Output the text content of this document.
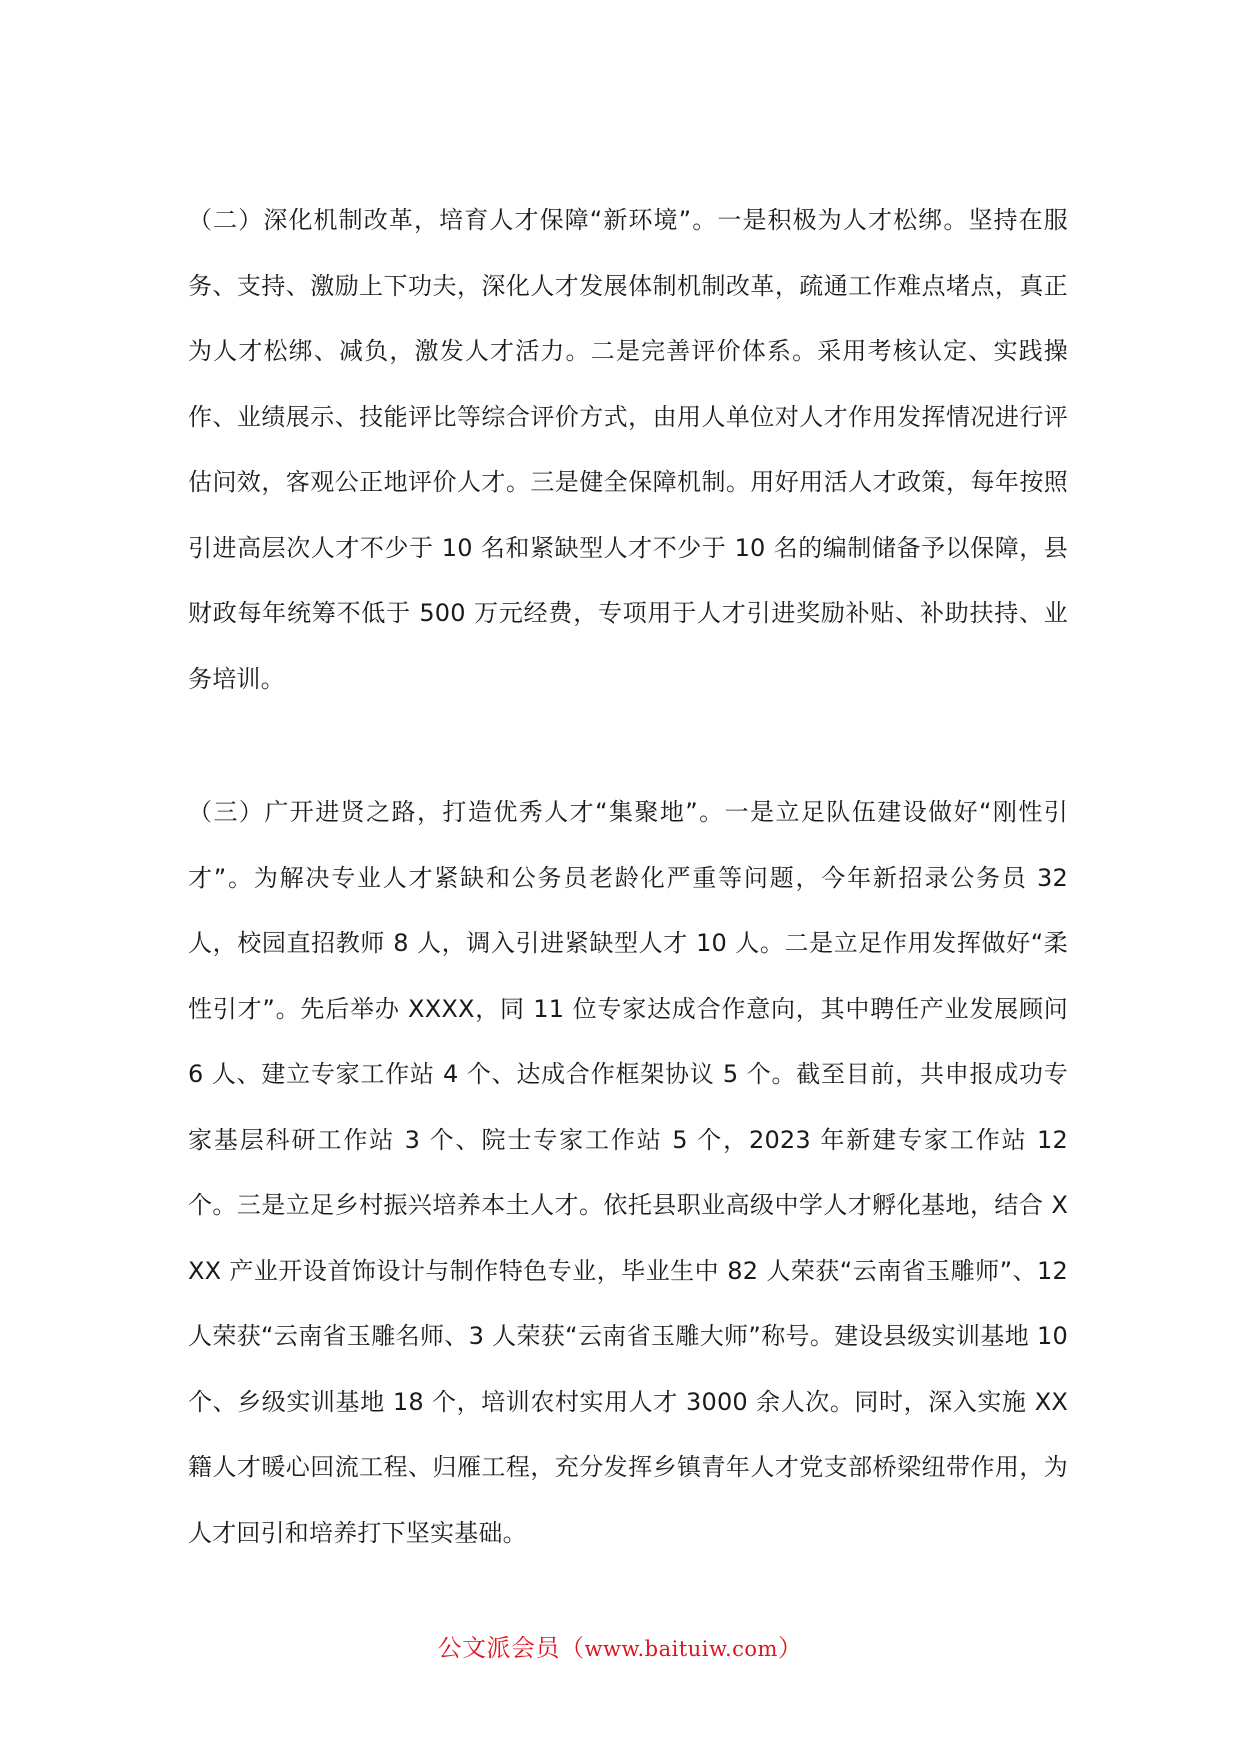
（二）深化机制改革，培育人才保障“新环境”。一是积极为人才松绑。坚持在服务、支持、激励上下功夫，深化人才发展体制机制改革，疏通工作难点堵点，真正为人才松绑、减负，激发人才活力。二是完善评价体系。采用考核认定、实践操作、业绩展示、技能评比等综合评价方式，由用人单位对人才作用发挥情况进行评估问效，客观公正地评价人才。三是健全保障机制。用好用活人才政策，每年按照引进高层次人才不少于 10 名和紧缺型人才不少于 10 名的编制储备予以保障，县财政每年统筹不低于 500 万元经费，专项用于人才引进奖励补贴、补助扶持、业务培训。

（三）广开进贤之路，打造优秀人才“集聚地”。一是立足队伍建设做好“刚性引才”。为解决专业人才紧缺和公务员老龄化严重等问题，今年新招录公务员 32 人，校园直招教师 8 人，调入引进紧缺型人才 10 人。二是立足作用发挥做好“柔性引才”。先后举办 XXXX，同 11 位专家达成合作意向，其中聘任产业发展顾问 6 人、建立专家工作站 4 个、达成合作框架协议 5 个。截至目前，共申报成功专家基层科研工作站 3 个、院士专家工作站 5 个，2023 年新建专家工作站 12 个。三是立足乡村振兴培养本土人才。依托县职业高级中学人才孵化基地，结合 XXX 产业开设首饰设计与制作特色专业，毕业生中 82 人荣获“云南省玉雕师”、12 人荣获“云南省玉雕名师、3 人荣获“云南省玉雕大师”称号。建设县级实训基地 10 个、乡级实训基地 18 个，培训农村实用人才 3000 余人次。同时，深入实施 XX 籍人才暖心回流工程、归雁工程，充分发挥乡镇青年人才党支部桥梁纽带作用，为人才回引和培养打下坚实基础。

公文派会员（www.baituiw.com）
